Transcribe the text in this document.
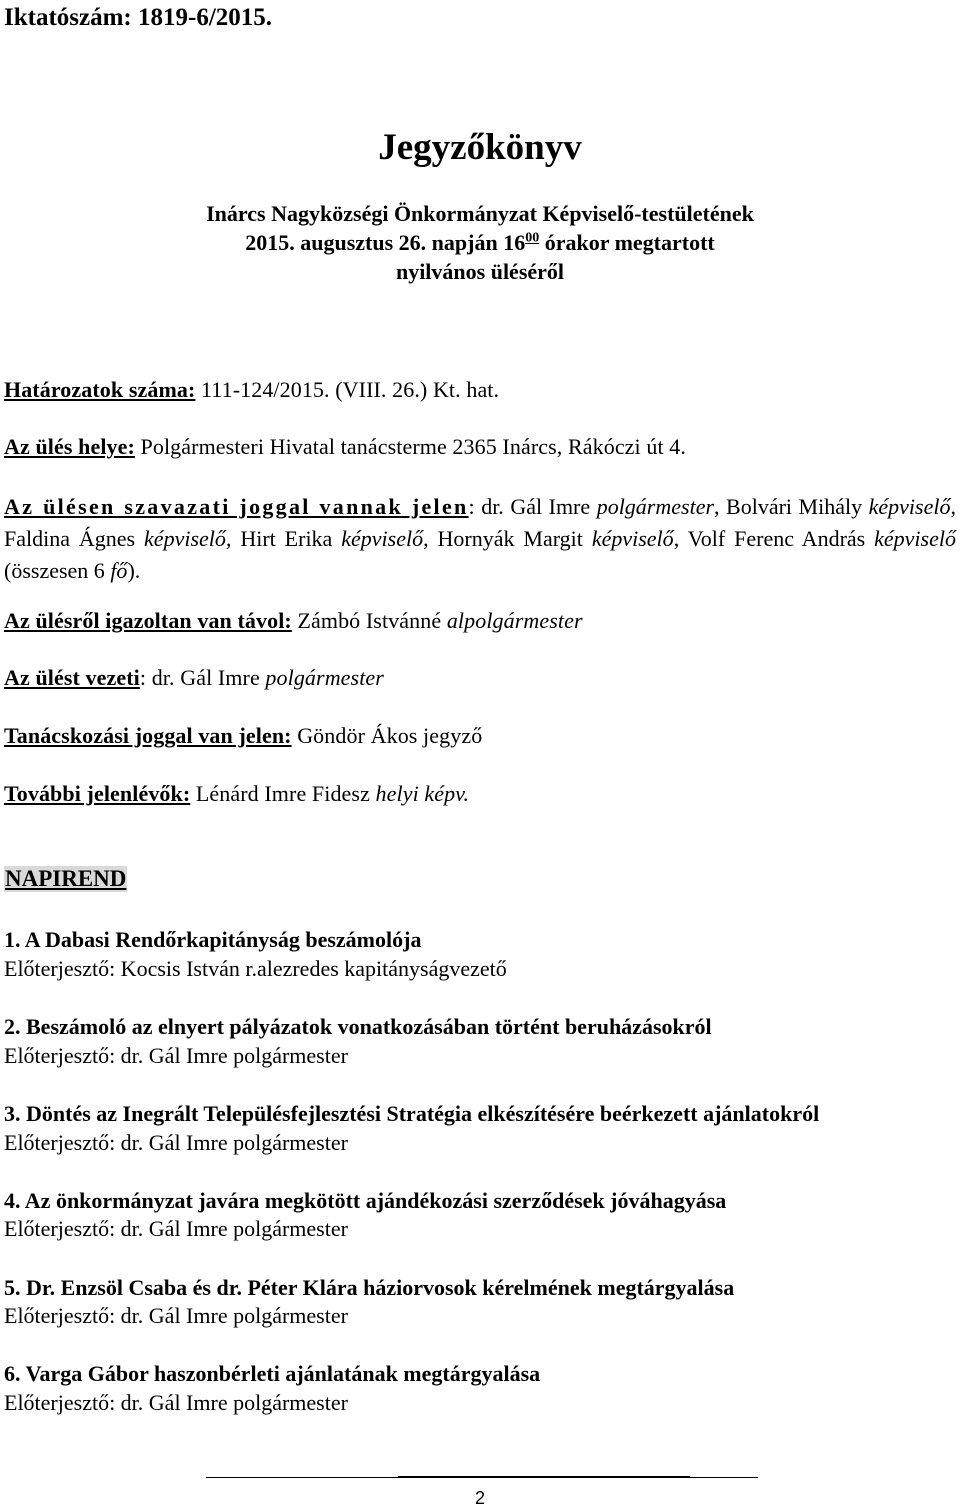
Iktatószám: 1819-6/2015.
Jegyzőkönyv
Inárcs Nagyközségi Önkormányzat Képviselő-testületének
2015. augusztus 26. napján $16^{00}$ órakor megtartott
nyilvános üléséről
Határozatok száma: 111-124/2015. (VIII. 26.) Kt. hat.
Az ülés helye: Polgármesteri Hivatal tanácsterme 2365 Inárcs, Rákóczi út 4.
Az ülésen szavazati joggal vannak jelen: dr. Gál Imre polgármester, Bolvári Mihály képviselő, Faldina Ágnes képviselő, Hirt Erika képviselő, Hornyák Margit képviselő, Volf Ferenc András képviselő (összesen 6 fő).
Az ülésről igazoltan van távol: Zámbó Istvánné alpolgármester
Az ülést vezeti: dr. Gál Imre polgármester
Tanácskozási joggal van jelen: Göndör Ákos jegyző
További jelenlévők: Lénárd Imre Fidesz helyi képv.
NAPIREND
1. A Dabasi Rendőrkapitányság beszámolója
Előterjesztő: Kocsis István r.alezredes kapitányságvezető
2. Beszámoló az elnyert pályázatok vonatkozásában történt beruházásokról
Előterjesztő: dr. Gál Imre polgármester
3. Döntés az Inegrált Településfejlesztési Stratégia elkészítésére beérkezett ajánlatokról
Előterjesztő: dr. Gál Imre polgármester
4. Az önkormányzat javára megkötött ajándékozási szerződések jóváhagyása
Előterjesztő: dr. Gál Imre polgármester
5. Dr. Enzsöl Csaba és dr. Péter Klára háziorvosok kérelmének megtárgyalása
Előterjesztő: dr. Gál Imre polgármester
6. Varga Gábor haszonbérleti ajánlatának megtárgyalása
Előterjesztő: dr. Gál Imre polgármester
2
